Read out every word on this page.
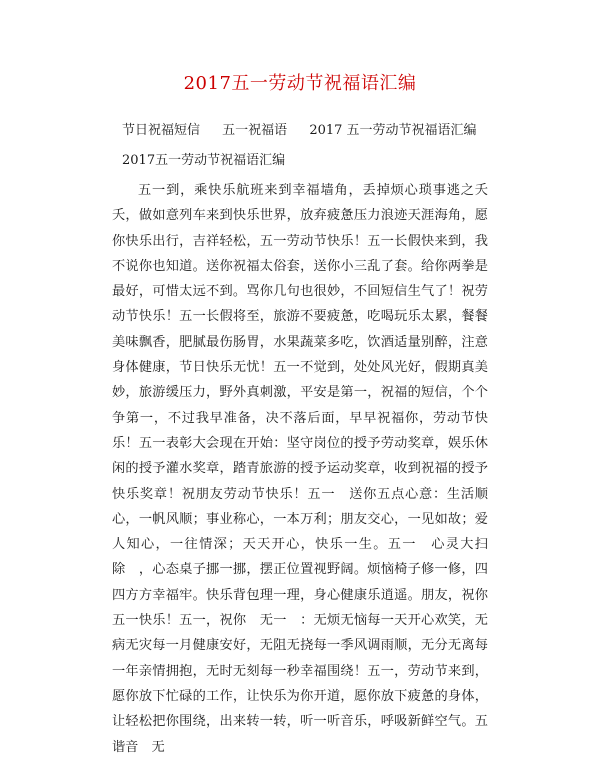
2017五一劳动节祝福语汇编
节日祝福短信 五一祝福语 2017 五一劳动节祝福语汇编
2017五一劳动节祝福语汇编

五一到，乘快乐航班来到幸福墙角，丢掉烦心琐事逃之夭夭，做如意列车来到快乐世界，放弃疲惫压力浪迹天涯海角，愿你快乐出行，吉祥轻松，五一劳动节快乐！五一长假快来到，我不说你也知道。送你祝福太俗套，送你小三乱了套。给你两拳是最好，可惜太远不到。骂你几句也很妙，不回短信生气了！祝劳动节快乐！五一长假将至，旅游不要疲惫，吃喝玩乐太累，餐餐美味飘香，肥腻最伤肠胃，水果蔬菜多吃，饮酒适量别醉，注意身体健康，节日快乐无忧！五一不觉到，处处风光好，假期真美妙，旅游缓压力，野外真刺激，平安是第一，祝福的短信，个个争第一，不过我早准备，决不落后面，早早祝福你，劳动节快乐！五一表彰大会现在开始：坚守岗位的授予劳动奖章，娱乐休闲的授予灌水奖章，踏青旅游的授予运动奖章，收到祝福的授予快乐奖章！祝朋友劳动节快乐！五一　送你五点心意：生活顺心，一帆风顺；事业称心，一本万利；朋友交心，一见如故；爱人知心，一往情深；天天开心，快乐一生。五一　心灵大扫除　，心态桌子挪一挪，摆正位置视野阔。烦恼椅子修一修，四四方方幸福牢。快乐背包理一理，身心健康乐逍遥。朋友，祝你五一快乐！五一，祝你　无一　：无烦无恼每一天开心欢笑，无病无灾每一月健康安好，无阻无挠每一季风调雨顺，无分无离每一年亲情拥抱，无时无刻每一秒幸福围绕！五一，劳动节来到，愿你放下忙碌的工作，让快乐为你开道，愿你放下疲惫的身体，让轻松把你围绕，出来转一转，听一听音乐，呼吸新鲜空气。五谐音　无
